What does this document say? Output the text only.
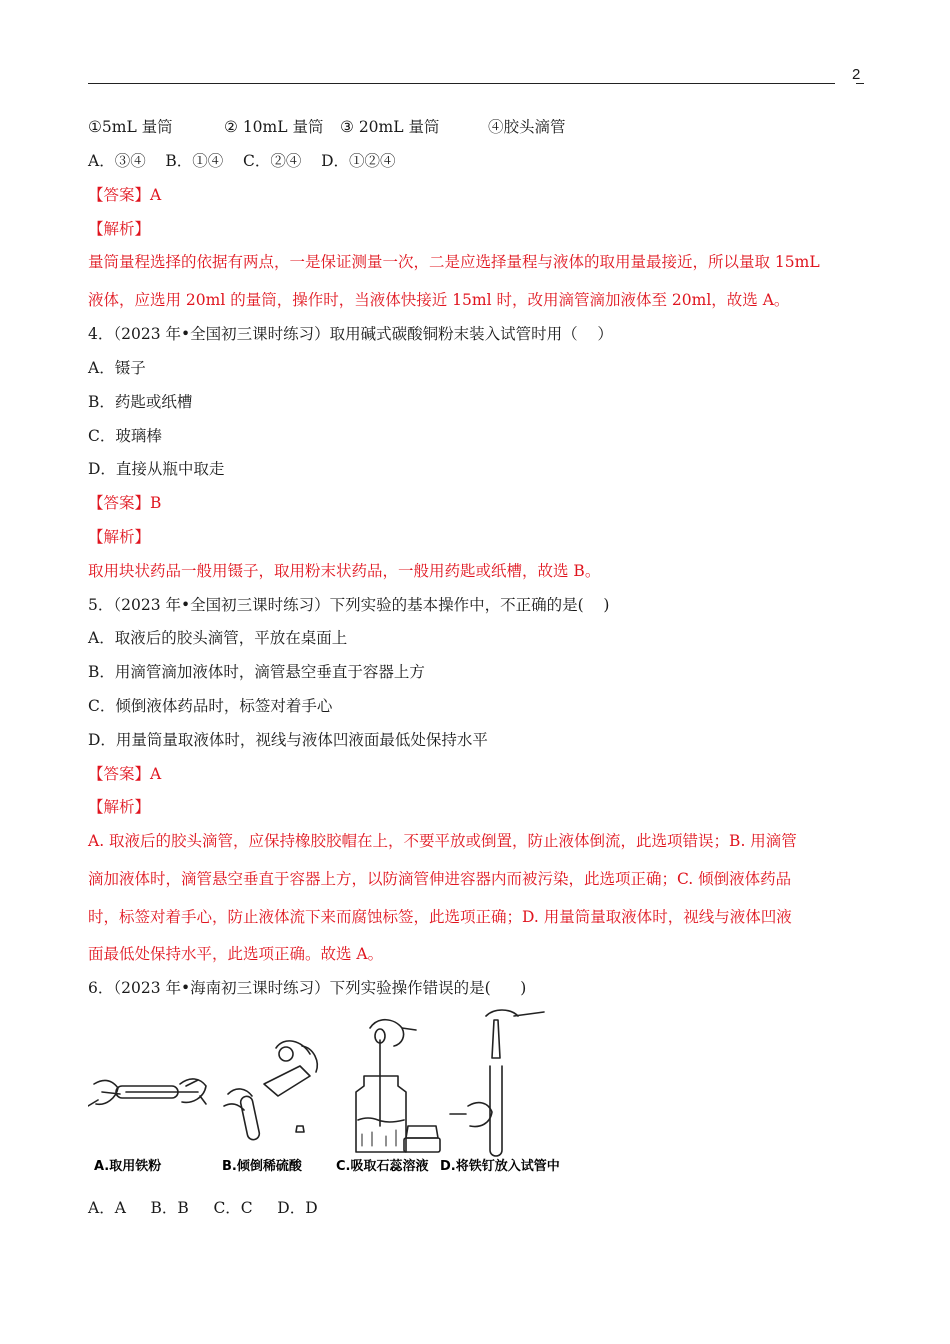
2
①5mL 量筒	② 10mL 量筒 ③ 20mL 量筒	④胶头滴管
A．③④    B．①④    C．②④    D．①②④
【答案】A
【解析】
量筒量程选择的依据有两点，一是保证测量一次，二是应选择量程与液体的取用量最接近，所以量取 15mL
液体，应选用 20ml 的量筒，操作时，当液体快接近 15ml 时，改用滴管滴加液体至 20ml，故选 A。
4．（2023 年•全国初三课时练习）取用碱式碳酸铜粉末装入试管时用（    ）
A．镊子
B．药匙或纸槽
C．玻璃棒
D．直接从瓶中取走
【答案】B
【解析】
取用块状药品一般用镊子，取用粉末状药品，一般用药匙或纸槽，故选 B。
5．（2023 年•全国初三课时练习）下列实验的基本操作中，不正确的是(    )
A．取液后的胶头滴管，平放在桌面上
B．用滴管滴加液体时，滴管悬空垂直于容器上方
C．倾倒液体药品时，标签对着手心
D．用量筒量取液体时，视线与液体凹液面最低处保持水平
【答案】A
【解析】
A. 取液后的胶头滴管，应保持橡胶胶帽在上，不要平放或倒置，防止液体倒流，此选项错误；B. 用滴管
滴加液体时，滴管悬空垂直于容器上方，以防滴管伸进容器内而被污染，此选项正确；C. 倾倒液体药品
时，标签对着手心，防止液体流下来而腐蚀标签，此选项正确；D. 用量筒量取液体时，视线与液体凹液
面最低处保持水平，此选项正确。故选 A。
6．（2023 年•海南初三课时练习）下列实验操作错误的是(      )
A.取用铁粉	B.倾倒稀硫酸	C.吸取石蕊溶液 D.将铁钉放入试管中
A．A     B．B     C．C     D．D
